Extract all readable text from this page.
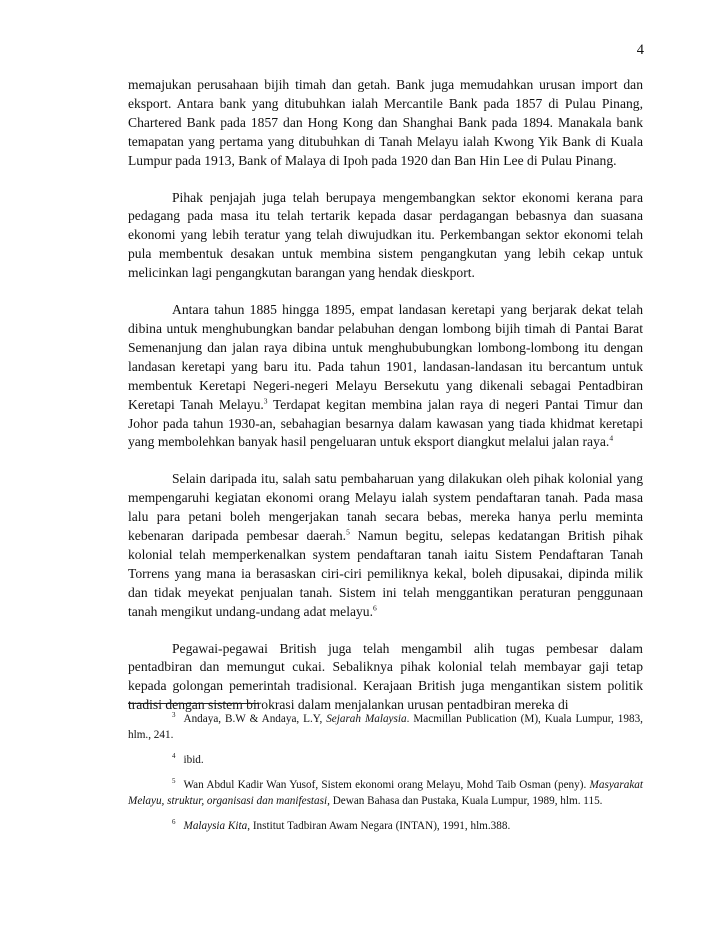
4

memajukan perusahaan bijih timah dan getah. Bank juga memudahkan urusan import dan eksport. Antara bank yang ditubuhkan ialah Mercantile Bank pada 1857 di Pulau Pinang, Chartered Bank pada 1857 dan Hong Kong dan Shanghai Bank pada 1894. Manakala bank temapatan yang pertama yang ditubuhkan di Tanah Melayu ialah Kwong Yik Bank di Kuala Lumpur pada 1913, Bank of Malaya di Ipoh pada 1920 dan Ban Hin Lee di Pulau Pinang.

Pihak penjajah juga telah berupaya mengembangkan sektor ekonomi kerana para pedagang pada masa itu telah tertarik kepada dasar perdagangan bebasnya dan suasana ekonomi yang lebih teratur yang telah diwujudkan itu. Perkembangan sektor ekonomi telah pula membentuk desakan untuk membina sistem pengangkutan yang lebih cekap untuk melicinkan lagi pengangkutan barangan yang hendak dieskport.

Antara tahun 1885 hingga 1895, empat landasan keretapi yang berjarak dekat telah dibina untuk menghubungkan bandar pelabuhan dengan lombong bijih timah di Pantai Barat Semenanjung dan jalan raya dibina untuk menghububungkan lombong-lombong itu dengan landasan keretapi yang baru itu. Pada tahun 1901, landasan-landasan itu bercantum untuk membentuk Keretapi Negeri-negeri Melayu Bersekutu yang dikenali sebagai Pentadbiran Keretapi Tanah Melayu.$^3$ Terdapat kegitan membina jalan raya di negeri Pantai Timur dan Johor pada tahun 1930-an, sebahagian besarnya dalam kawasan yang tiada khidmat keretapi yang membolehkan banyak hasil pengeluaran untuk eksport diangkut melalui jalan raya.$^4$

Selain daripada itu, salah satu pembaharuan yang dilakukan oleh pihak kolonial yang mempengaruhi kegiatan ekonomi orang Melayu ialah system pendaftaran tanah. Pada masa lalu para petani boleh mengerjakan tanah secara bebas, mereka hanya perlu meminta kebenaran daripada pembesar daerah.$^5$ Namun begitu, selepas kedatangan British pihak kolonial telah memperkenalkan system pendaftaran tanah iaitu Sistem Pendaftaran Tanah Torrens yang mana ia berasaskan ciri-ciri pemiliknya kekal, boleh dipusakai, dipinda milik dan tidak meyekat penjualan tanah. Sistem ini telah menggantikan peraturan penggunaan tanah mengikut undang-undang adat melayu.$^6$

Pegawai-pegawai British juga telah mengambil alih tugas pembesar dalam pentadbiran dan memungut cukai. Sebaliknya pihak kolonial telah membayar gaji tetap kepada golongan pemerintah tradisional. Kerajaan British juga mengantikan sistem politik tradisi dengan sistem birokrasi dalam menjalankan urusan pentadbiran mereka di

$^3$ Andaya, B.W & Andaya, L.Y, Sejarah Malaysia. Macmillan Publication (M), Kuala Lumpur, 1983, hlm., 241.

$^4$ ibid.

$^5$ Wan Abdul Kadir Wan Yusof, Sistem ekonomi orang Melayu, Mohd Taib Osman (peny). Masyarakat Melayu, struktur, organisasi dan manifestasi, Dewan Bahasa dan Pustaka, Kuala Lumpur, 1989, hlm. 115.

$^6$ Malaysia Kita, Institut Tadbiran Awam Negara (INTAN), 1991, hlm.388.
